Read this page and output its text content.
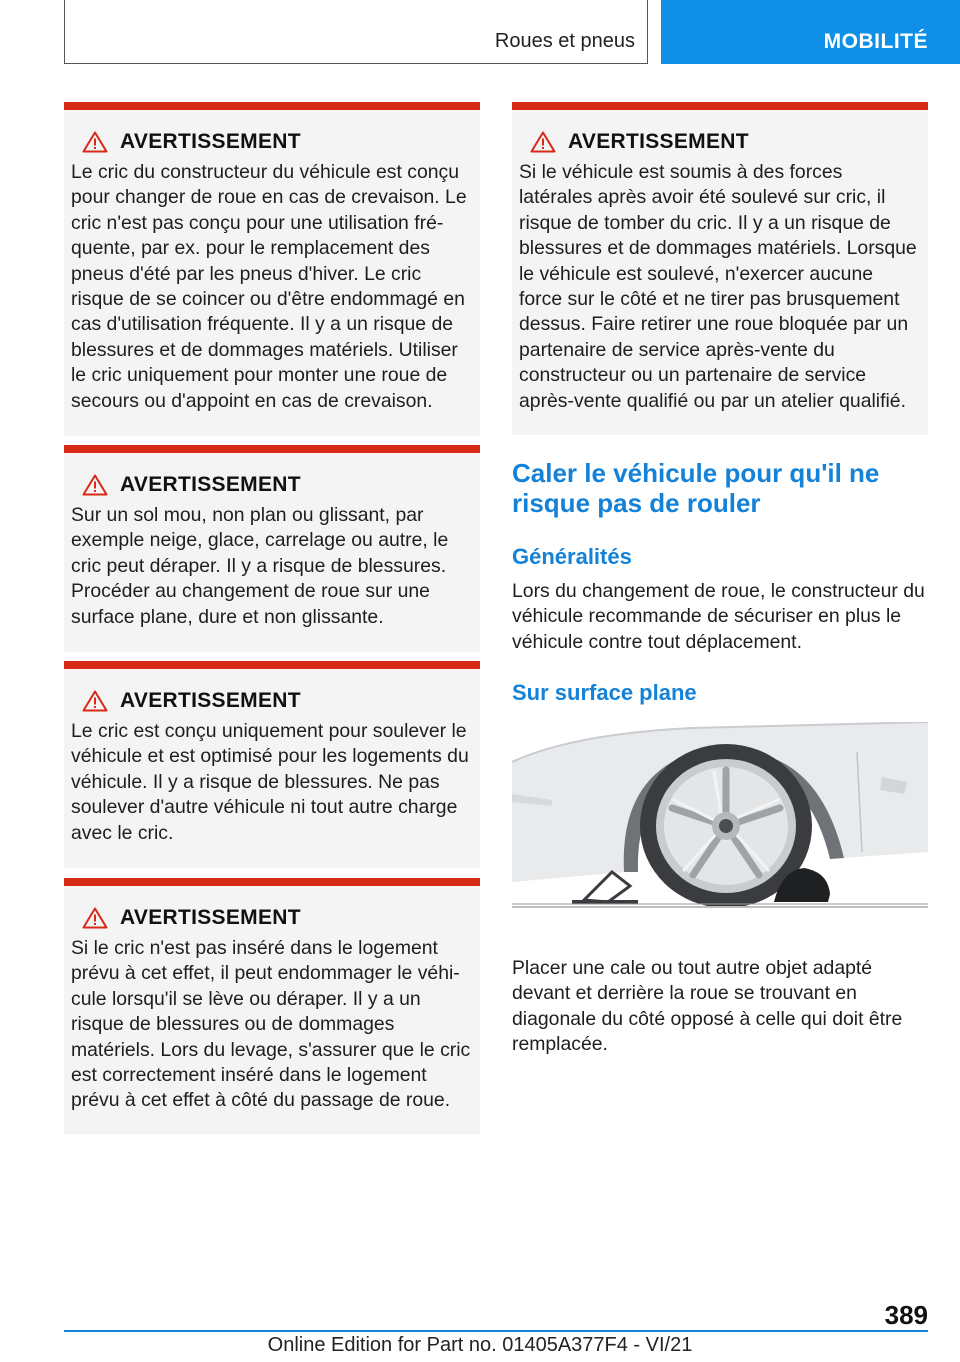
Roues et pneus	MOBILITÉ
AVERTISSEMENT
Le cric du constructeur du véhicule est conçu pour changer de roue en cas de crevaison. Le cric n'est pas conçu pour une utilisation fréquente, par ex. pour le remplacement des pneus d'été par les pneus d'hiver. Le cric risque de se coincer ou d'être endommagé en cas d'utilisation fréquente. Il y a un risque de blessures et de dommages matériels. Utiliser le cric uniquement pour monter une roue de secours ou d'appoint en cas de crevaison.
AVERTISSEMENT
Sur un sol mou, non plan ou glissant, par exemple neige, glace, carrelage ou autre, le cric peut déraper. Il y a risque de blessures. Procéder au changement de roue sur une surface plane, dure et non glissante.
AVERTISSEMENT
Le cric est conçu uniquement pour soulever le véhicule et est optimisé pour les logements du véhicule. Il y a risque de blessures. Ne pas soulever d'autre véhicule ni tout autre charge avec le cric.
AVERTISSEMENT
Si le cric n'est pas inséré dans le logement prévu à cet effet, il peut endommager le véhicule lorsqu'il se lève ou déraper. Il y a un risque de blessures ou de dommages matériels. Lors du levage, s'assurer que le cric est correctement inséré dans le logement prévu à cet effet à côté du passage de roue.
AVERTISSEMENT
Si le véhicule est soumis à des forces latérales après avoir été soulevé sur cric, il risque de tomber du cric. Il y a un risque de blessures et de dommages matériels. Lorsque le véhicule est soulevé, n'exercer aucune force sur le côté et ne tirer pas brusquement dessus. Faire retirer une roue bloquée par un partenaire de service après-vente du constructeur ou un partenaire de service après-vente qualifié ou par un atelier qualifié.
Caler le véhicule pour qu'il ne risque pas de rouler
Généralités
Lors du changement de roue, le constructeur du véhicule recommande de sécuriser en plus le véhicule contre tout déplacement.
Sur surface plane
Placer une cale ou tout autre objet adapté devant et derrière la roue se trouvant en diagonale du côté opposé à celle qui doit être remplacée.
389
Online Edition for Part no. 01405A377F4 - VI/21
